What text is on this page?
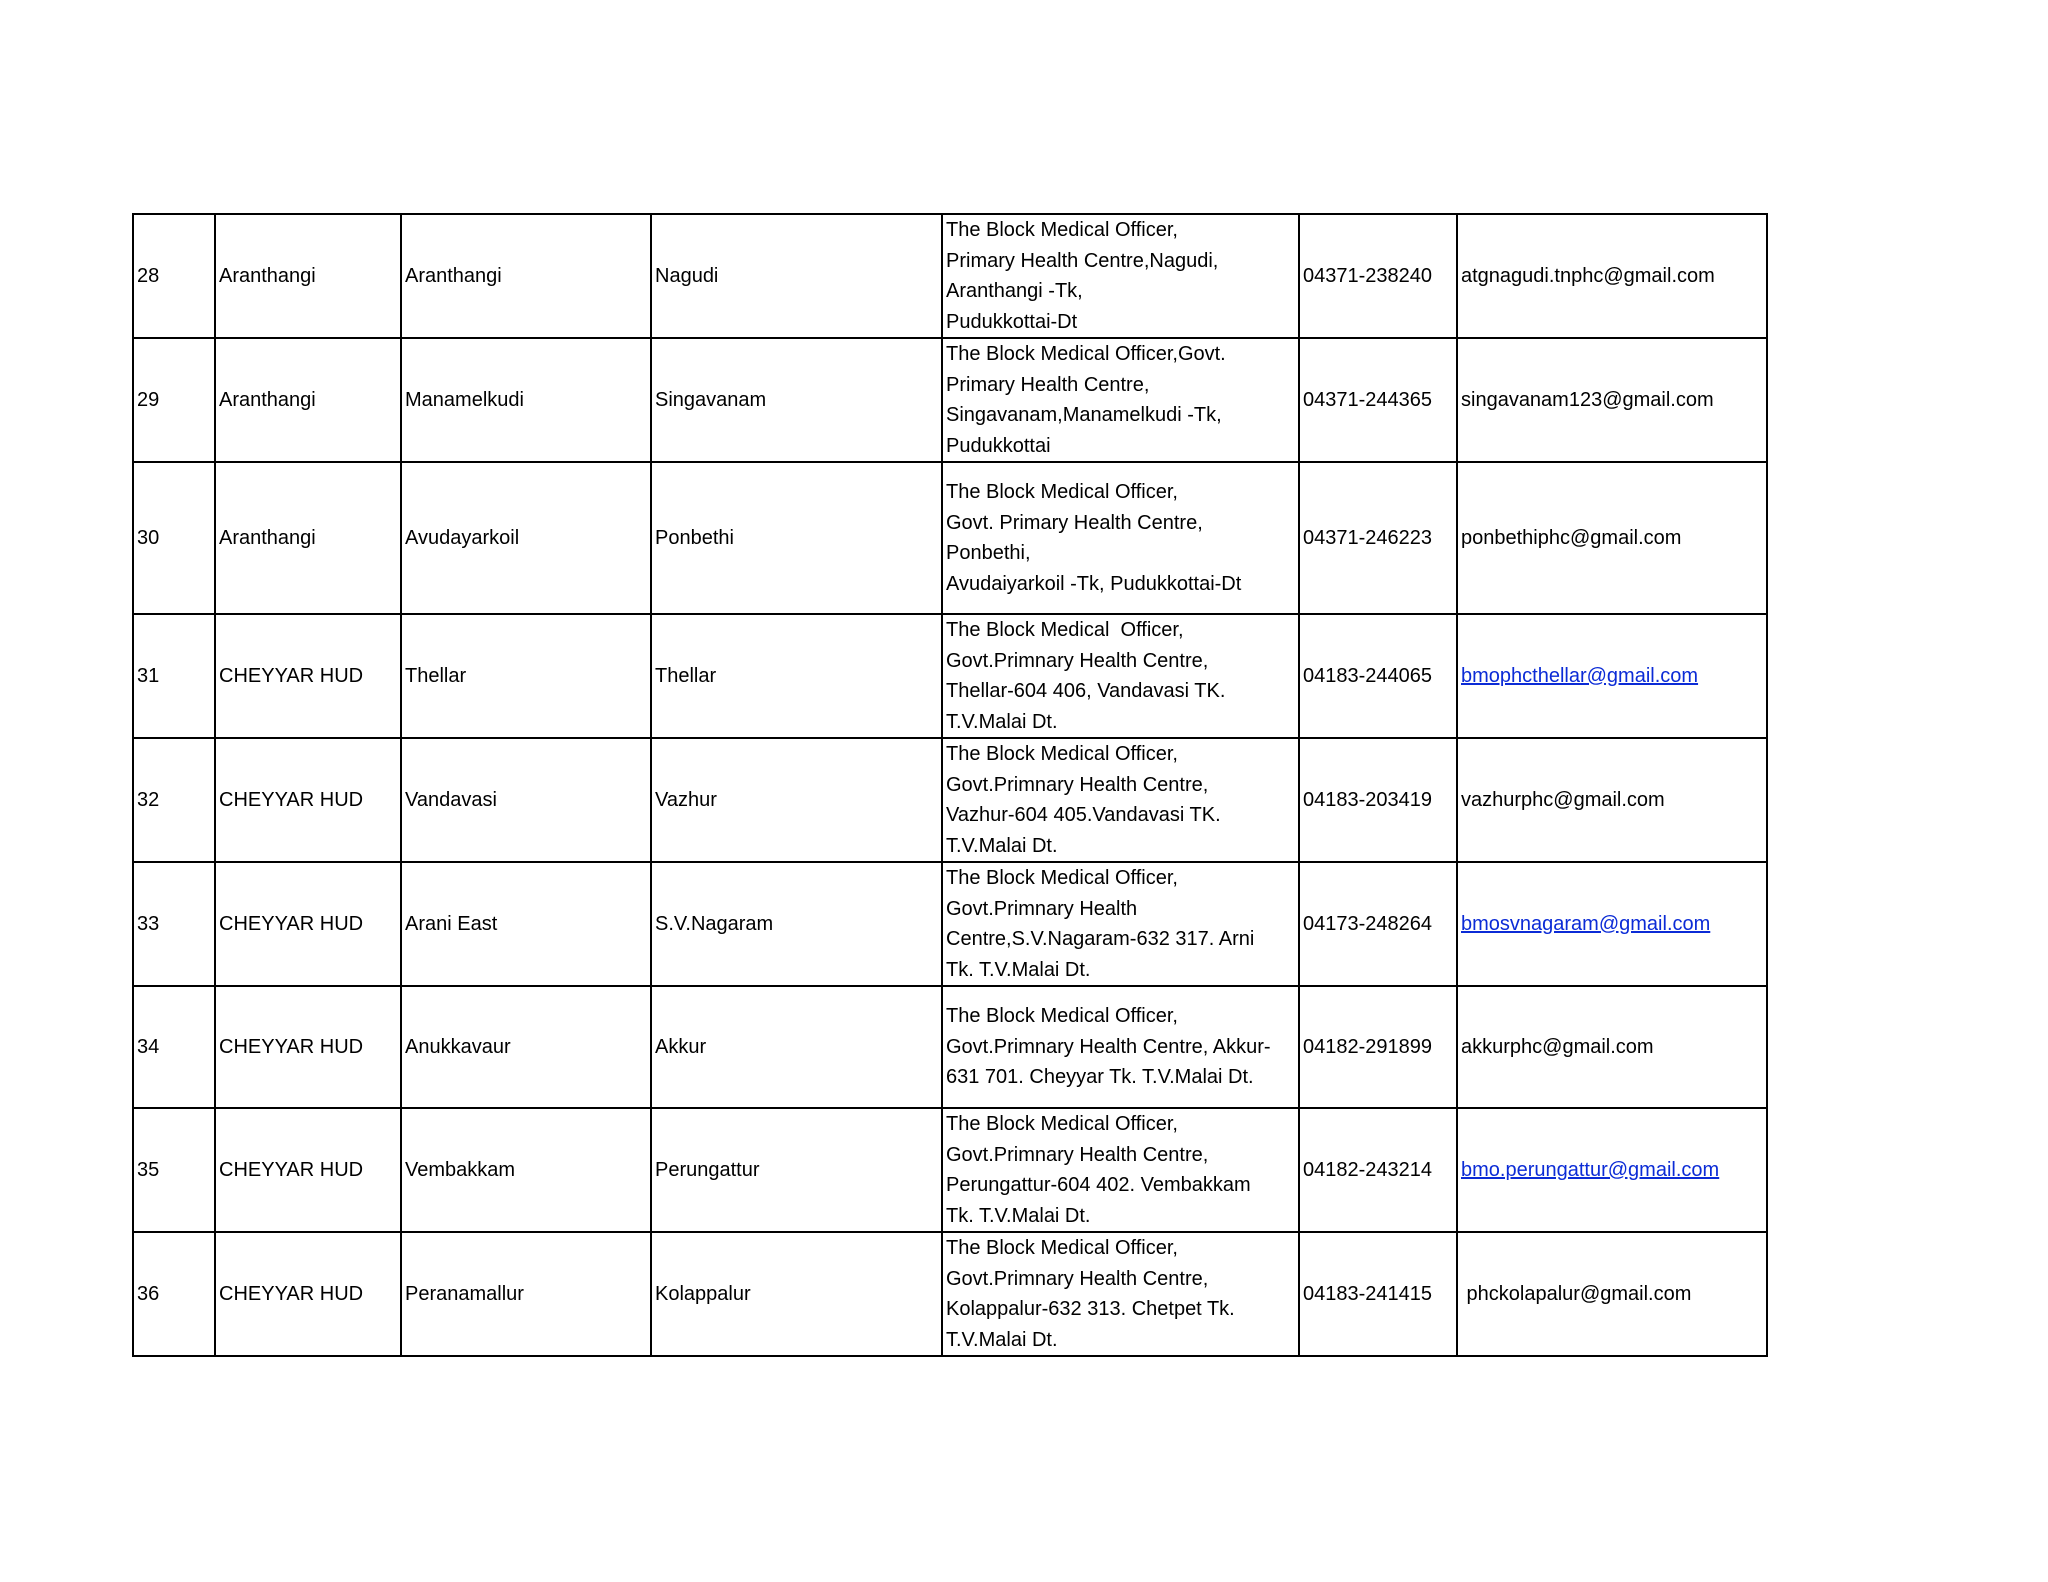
28	Aranthangi	Aranthangi	Nagudi	The Block Medical Officer,
Primary Health Centre,Nagudi,
Aranthangi -Tk,
Pudukkottai-Dt	04371-238240	atgnagudi.tnphc@gmail.com
29	Aranthangi	Manamelkudi	Singavanam	The Block Medical Officer,Govt.
Primary Health Centre,
Singavanam,Manamelkudi -Tk,
Pudukkottai	04371-244365	singavanam123@gmail.com
30	Aranthangi	Avudayarkoil	Ponbethi	The Block Medical Officer,
Govt. Primary Health Centre,
Ponbethi,
Avudaiyarkoil -Tk, Pudukkottai-Dt	04371-246223	ponbethiphc@gmail.com
31	CHEYYAR HUD	Thellar	Thellar	The Block Medical  Officer,
Govt.Primnary Health Centre,
Thellar-604 406, Vandavasi TK.
T.V.Malai Dt.	04183-244065	bmophcthellar@gmail.com
32	CHEYYAR HUD	Vandavasi	Vazhur	The Block Medical Officer,
Govt.Primnary Health Centre,
Vazhur-604 405.Vandavasi TK.
T.V.Malai Dt.	04183-203419	vazhurphc@gmail.com
33	CHEYYAR HUD	Arani East	S.V.Nagaram	The Block Medical Officer,
Govt.Primnary Health
Centre,S.V.Nagaram-632 317. Arni
Tk. T.V.Malai Dt.	04173-248264	bmosvnagaram@gmail.com
34	CHEYYAR HUD	Anukkavaur	Akkur	The Block Medical Officer,
Govt.Primnary Health Centre, Akkur-
631 701. Cheyyar Tk. T.V.Malai Dt.	04182-291899	akkurphc@gmail.com
35	CHEYYAR HUD	Vembakkam	Perungattur	The Block Medical Officer,
Govt.Primnary Health Centre,
Perungattur-604 402. Vembakkam
Tk. T.V.Malai Dt.	04182-243214	bmo.perungattur@gmail.com
36	CHEYYAR HUD	Peranamallur	Kolappalur	The Block Medical Officer,
Govt.Primnary Health Centre,
Kolappalur-632 313. Chetpet Tk.
T.V.Malai Dt.	04183-241415	phckolapalur@gmail.com
